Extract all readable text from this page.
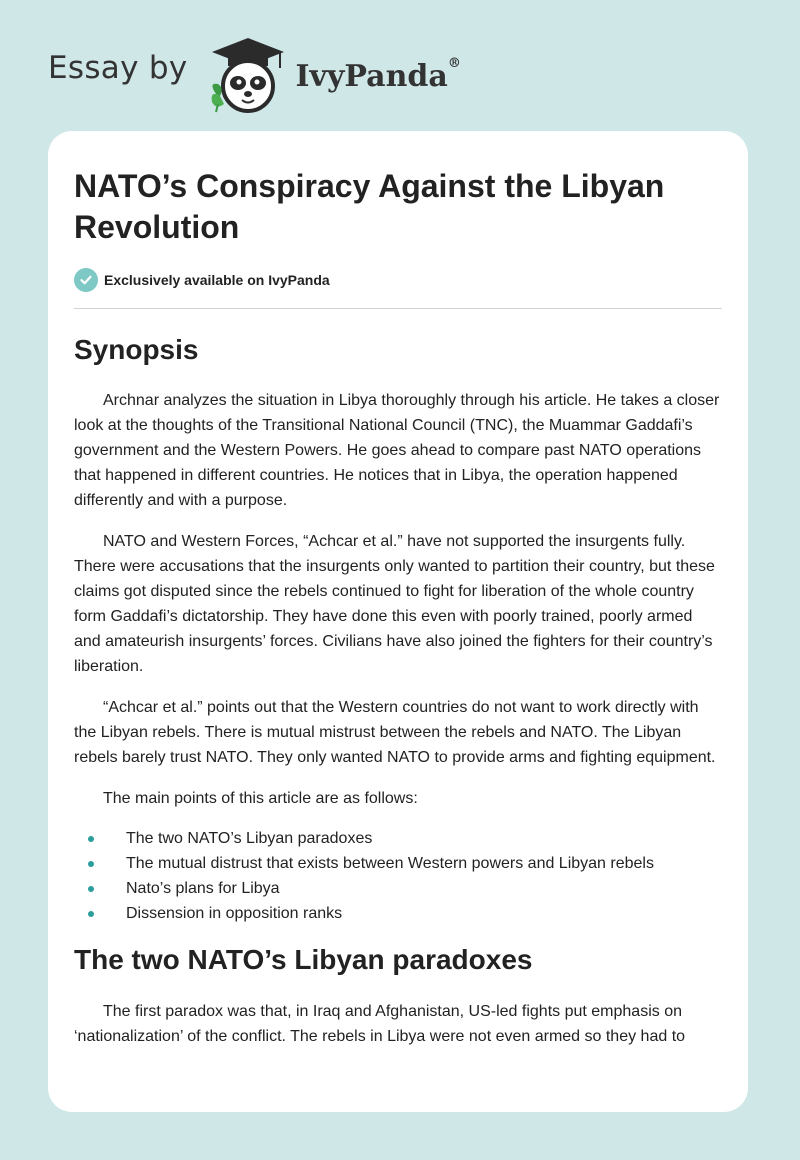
Essay by	IvyPanda®
NATO’s Conspiracy Against the Libyan
Revolution
Exclusively available on IvyPanda
Synopsis

Archnar analyzes the situation in Libya thoroughly through his article. He takes a closer look at the thoughts of the Transitional National Council (TNC), the Muammar Gaddafi’s government and the Western Powers. He goes ahead to compare past NATO operations that happened in different countries. He notices that in Libya, the operation happened differently and with a purpose.

NATO and Western Forces, “Achcar et al.” have not supported the insurgents fully. There were accusations that the insurgents only wanted to partition their country, but these claims got disputed since the rebels continued to fight for liberation of the whole country form Gaddafi’s dictatorship. They have done this even with poorly trained, poorly armed and amateurish insurgents’ forces. Civilians have also joined the fighters for their country’s liberation.

“Achcar et al.” points out that the Western countries do not want to work directly with the Libyan rebels. There is mutual mistrust between the rebels and NATO. The Libyan rebels barely trust NATO. They only wanted NATO to provide arms and fighting equipment.

The main points of this article are as follows:

The two NATO’s Libyan paradoxes
The mutual distrust that exists between Western powers and Libyan rebels
Nato’s plans for Libya
Dissension in opposition ranks
The two NATO’s Libyan paradoxes

The first paradox was that, in Iraq and Afghanistan, US-led fights put emphasis on ‘nationalization’ of the conflict. The rebels in Libya were not even armed so they had to
